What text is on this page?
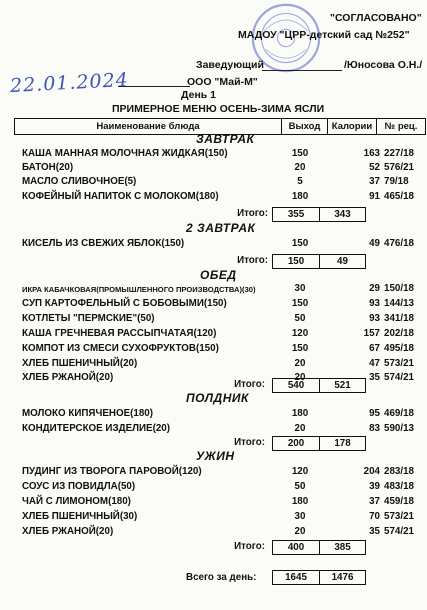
"СОГЛАСОВАНО"
МАДОУ "ЦРР-детский сад №252"
Заведующий	/Юносова О.Н./
22.01.2024	ООО "Май-М"
День 1
ПРИМЕРНОЕ МЕНЮ ОСЕНЬ-ЗИМА ЯСЛИ
Наименование блюда	Выход	Калории	№ рец.
ЗАВТРАК
КАША МАННАЯ МОЛОЧНАЯ ЖИДКАЯ(150)	150	163 227/18
БАТОН(20)	20	52 576/21
МАСЛО СЛИВОЧНОЕ(5)	5	37 79/18
КОФЕЙНЫЙ НАПИТОК С МОЛОКОМ(180)	180	91 465/18
Итого:	355	343
2 ЗАВТРАК
КИСЕЛЬ ИЗ СВЕЖИХ ЯБЛОК(150)	150	49 476/18
Итого:	150	49
ОБЕД
ИКРА КАБАЧКОВАЯ(ПРОМЫШЛЕННОГО ПРОИЗВОДСТВА)(30)	30	29 150/18
СУП КАРТОФЕЛЬНЫЙ С БОБОВЫМИ(150)	150	93 144/13
КОТЛЕТЫ "ПЕРМСКИЕ"(50)	50	93 341/18
КАША ГРЕЧНЕВАЯ РАССЫПЧАТАЯ(120)	120	157 202/18
КОМПОТ ИЗ СМЕСИ СУХОФРУКТОВ(150)	150	67 495/18
ХЛЕБ ПШЕНИЧНЫЙ(20)	20	47 573/21
ХЛЕБ РЖАНОЙ(20)	20	35 574/21
Итого:	540	521
ПОЛДНИК
МОЛОКО КИПЯЧЕНОЕ(180)	180	95 469/18
КОНДИТЕРСКОЕ ИЗДЕЛИЕ(20)	20	83 590/13
Итого:	200	178
УЖИН
ПУДИНГ ИЗ ТВОРОГА ПАРОВОЙ(120)	120	204 283/18
СОУС ИЗ ПОВИДЛА(50)	50	39 483/18
ЧАЙ С ЛИМОНОМ(180)	180	37 459/18
ХЛЕБ ПШЕНИЧНЫЙ(30)	30	70 573/21
ХЛЕБ РЖАНОЙ(20)	20	35 574/21
Итого:	400	385
Всего за день:	1645	1476
